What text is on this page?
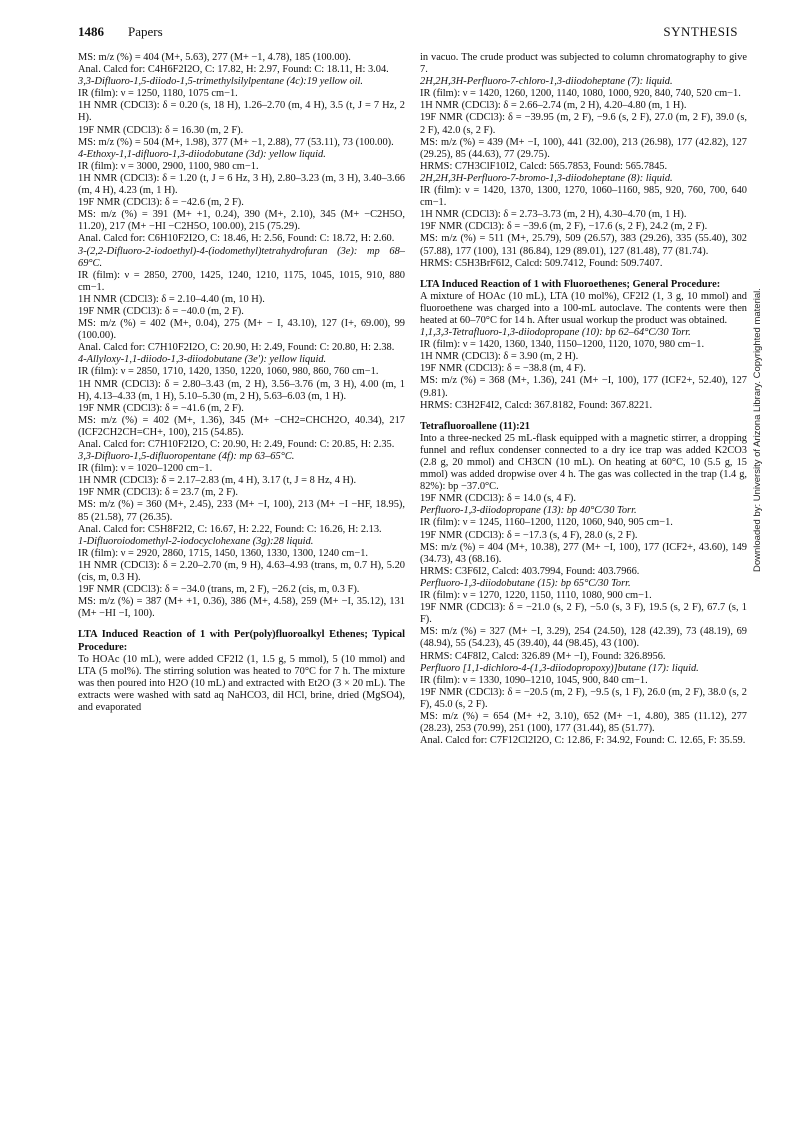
1486 Papers	SYNTHESIS

MS: m/z (%) = 404 (M+, 5.63), 277 (M+ −1, 4.78), 185 (100.00).

Anal. Calcd for: C4H6F2I2O, C: 17.82, H: 2.97, Found: C: 18.11, H: 3.04.

3,3-Difluoro-1,5-diiodo-1,5-trimethylsilylpentane (4c):19 yellow oil.

IR (film): ν = 1250, 1180, 1075 cm−1.

1H NMR (CDCl3): δ = 0.20 (s, 18 H), 1.26–2.70 (m, 4 H), 3.5 (t, J = 7 Hz, 2 H).

19F NMR (CDCl3): δ = 16.30 (m, 2 F).

MS: m/z (%) = 504 (M+, 1.98), 377 (M+ −1, 2.88), 77 (53.11), 73 (100.00).

4-Ethoxy-1,1-difluoro-1,3-diiodobutane (3d): yellow liquid.

IR (film): ν = 3000, 2900, 1100, 980 cm−1.

1H NMR (CDCl3): δ = 1.20 (t, J = 6 Hz, 3 H), 2.80–3.23 (m, 3 H), 3.40–3.66 (m, 4 H), 4.23 (m, 1 H).

19F NMR (CDCl3): δ = −42.6 (m, 2 F).

MS: m/z (%) = 391 (M+ +1, 0.24), 390 (M+, 2.10), 345 (M+ −C2H5O, 11.20), 217 (M+ −HI −C2H5O, 100.00), 215 (75.29).

Anal. Calcd for: C6H10F2I2O, C: 18.46, H: 2.56, Found: C: 18.72, H: 2.60.

3-(2,2-Difluoro-2-iodoethyl)-4-(iodomethyl)tetrahydrofuran (3e): mp 68–69°C.

IR (film): ν = 2850, 2700, 1425, 1240, 1210, 1175, 1045, 1015, 910, 880 cm−1.

1H NMR (CDCl3): δ = 2.10–4.40 (m, 10 H).

19F NMR (CDCl3): δ = −40.0 (m, 2 F).

MS: m/z (%) = 402 (M+, 0.04), 275 (M+ − I, 43.10), 127 (I+, 69.00), 99 (100.00).

Anal. Calcd for: C7H10F2I2O, C: 20.90, H: 2.49, Found: C: 20.80, H: 2.38.

4-Allyloxy-1,1-diiodo-1,3-diiodobutane (3e′): yellow liquid.

IR (film): ν = 2850, 1710, 1420, 1350, 1220, 1060, 980, 860, 760 cm−1.

1H NMR (CDCl3): δ = 2.80–3.43 (m, 2 H), 3.56–3.76 (m, 3 H), 4.00 (m, 1 H), 4.13–4.33 (m, 1 H), 5.10–5.30 (m, 2 H), 5.63–6.03 (m, 1 H).

19F NMR (CDCl3): δ = −41.6 (m, 2 F).

MS: m/z (%) = 402 (M+, 1.36), 345 (M+ −CH2=CHCH2O, 40.34), 217 (ICF2CH2CH=CH+, 100), 215 (54.85).

Anal. Calcd for: C7H10F2I2O, C: 20.90, H: 2.49, Found: C: 20.85, H: 2.35.

3,3-Difluoro-1,5-difluoropentane (4f): mp 63–65°C.

IR (film): ν = 1020–1200 cm−1.

1H NMR (CDCl3): δ = 2.17–2.83 (m, 4 H), 3.17 (t, J = 8 Hz, 4 H).

19F NMR (CDCl3): δ = 23.7 (m, 2 F).

MS: m/z (%) = 360 (M+, 2.45), 233 (M+ −I, 100), 213 (M+ −I −HF, 18.95), 85 (21.58), 77 (26.35).

Anal. Calcd for: C5H8F2I2, C: 16.67, H: 2.22, Found: C: 16.26, H: 2.13.

1-Difluoroiodomethyl-2-iodocyclohexane (3g):28 liquid.

IR (film): ν = 2920, 2860, 1715, 1450, 1360, 1330, 1300, 1240 cm−1.

1H NMR (CDCl3): δ = 2.20–2.70 (m, 9 H), 4.63–4.93 (trans, m, 0.7 H), 5.20 (cis, m, 0.3 H).

19F NMR (CDCl3): δ = −34.0 (trans, m, 2 F), −26.2 (cis, m, 0.3 F).

MS: m/z (%) = 387 (M+ +1, 0.36), 386 (M+, 4.58), 259 (M+ −I, 35.12), 131 (M+ −HI −I, 100).

LTA Induced Reaction of 1 with Per(poly)fluoroalkyl Ethenes; Typical Procedure:

To HOAc (10 mL), were added CF2I2 (1, 1.5 g, 5 mmol), 5 (10 mmol) and LTA (5 mol%). The stirring solution was heated to 70°C for 7 h. The mixture was then poured into H2O (10 mL) and extracted with Et2O (3 × 20 mL). The extracts were washed with satd aq NaHCO3, dil HCl, brine, dried (MgSO4), and evaporated

in vacuo. The crude product was subjected to column chromatography to give 7.

2H,2H,3H-Perfluoro-7-chloro-1,3-diiodoheptane (7): liquid.

IR (film): ν = 1420, 1260, 1200, 1140, 1080, 1000, 920, 840, 740, 520 cm−1.

1H NMR (CDCl3): δ = 2.66–2.74 (m, 2 H), 4.20–4.80 (m, 1 H).

19F NMR (CDCl3): δ = −39.95 (m, 2 F), −9.6 (s, 2 F), 27.0 (m, 2 F), 39.0 (s, 2 F), 42.0 (s, 2 F).

MS: m/z (%) = 439 (M+ −I, 100), 441 (32.00), 213 (26.98), 177 (42.82), 127 (29.25), 85 (44.63), 77 (29.75).

HRMS: C7H3ClF10I2, Calcd: 565.7853, Found: 565.7845.

2H,2H,3H-Perfluoro-7-bromo-1,3-diiodoheptane (8): liquid.

IR (film): ν = 1420, 1370, 1300, 1270, 1060–1160, 985, 920, 760, 700, 640 cm−1.

1H NMR (CDCl3): δ = 2.73–3.73 (m, 2 H), 4.30–4.70 (m, 1 H).

19F NMR (CDCl3): δ = −39.6 (m, 2 F), −17.6 (s, 2 F), 24.2 (m, 2 F).

MS: m/z (%) = 511 (M+, 25.79), 509 (26.57), 383 (29.26), 335 (55.40), 302 (57.88), 177 (100), 131 (86.84), 129 (89.01), 127 (81.48), 77 (81.74).

HRMS: C5H3BrF6I2, Calcd: 509.7412, Found: 509.7407.

LTA Induced Reaction of 1 with Fluoroethenes; General Procedure:

A mixture of HOAc (10 mL), LTA (10 mol%), CF2I2 (1, 3 g, 10 mmol) and fluoroethene was charged into a 100-mL autoclave. The contents were then heated at 60–70°C for 14 h. After usual workup the product was obtained.

1,1,3,3-Tetrafluoro-1,3-diiodopropane (10): bp 62–64°C/30 Torr.

IR (film): ν = 1420, 1360, 1340, 1150–1200, 1120, 1070, 980 cm−1.

1H NMR (CDCl3): δ = 3.90 (m, 2 H).

19F NMR (CDCl3): δ = −38.8 (m, 4 F).

MS: m/z (%) = 368 (M+, 1.36), 241 (M+ −I, 100), 177 (ICF2+, 52.40), 127 (9.81).

HRMS: C3H2F4I2, Calcd: 367.8182, Found: 367.8221.

Tetrafluoroallene (11):21

Into a three-necked 25 mL-flask equipped with a magnetic stirrer, a dropping funnel and reflux condenser connected to a dry ice trap was added K2CO3 (2.8 g, 20 mmol) and CH3CN (10 mL). On heating at 60°C, 10 (5.5 g, 15 mmol) was added dropwise over 4 h. The gas was collected in the trap (1.4 g, 82%): bp −37.0°C.

19F NMR (CDCl3): δ = 14.0 (s, 4 F).

Perfluoro-1,3-diiodopropane (13): bp 40°C/30 Torr.

IR (film): ν = 1245, 1160–1200, 1120, 1060, 940, 905 cm−1.

19F NMR (CDCl3): δ = −17.3 (s, 4 F), 28.0 (s, 2 F).

MS: m/z (%) = 404 (M+, 10.38), 277 (M+ −I, 100), 177 (ICF2+, 43.60), 149 (34.73), 43 (68.16).

HRMS: C3F6I2, Calcd: 403.7994, Found: 403.7966.

Perfluoro-1,3-diiodobutane (15): bp 65°C/30 Torr.

IR (film): ν = 1270, 1220, 1150, 1110, 1080, 900 cm−1.

19F NMR (CDCl3): δ = −21.0 (s, 2 F), −5.0 (s, 3 F), 19.5 (s, 2 F), 67.7 (s, 1 F).

MS: m/z (%) = 327 (M+ −I, 3.29), 254 (24.50), 128 (42.39), 73 (48.19), 69 (48.94), 55 (54.23), 45 (39.40), 44 (98.45), 43 (100).

HRMS: C4F8I2, Calcd: 326.89 (M+ −I), Found: 326.8956.

Perfluoro [1,1-dichloro-4-(1,3-diiodopropoxy)]butane (17): liquid.

IR (film): ν = 1330, 1090–1210, 1045, 900, 840 cm−1.

19F NMR (CDCl3): δ = −20.5 (m, 2 F), −9.5 (s, 1 F), 26.0 (m, 2 F), 38.0 (s, 2 F), 45.0 (s, 2 F).

MS: m/z (%) = 654 (M+ +2, 3.10), 652 (M+ −1, 4.80), 385 (11.12), 277 (28.23), 253 (70.99), 251 (100), 177 (31.44), 85 (51.77).

Anal. Calcd for: C7F12Cl2I2O, C: 12.86, F: 34.92, Found: C. 12.65, F: 35.59.

Downloaded by: University of Arizona Library. Copyrighted material.
